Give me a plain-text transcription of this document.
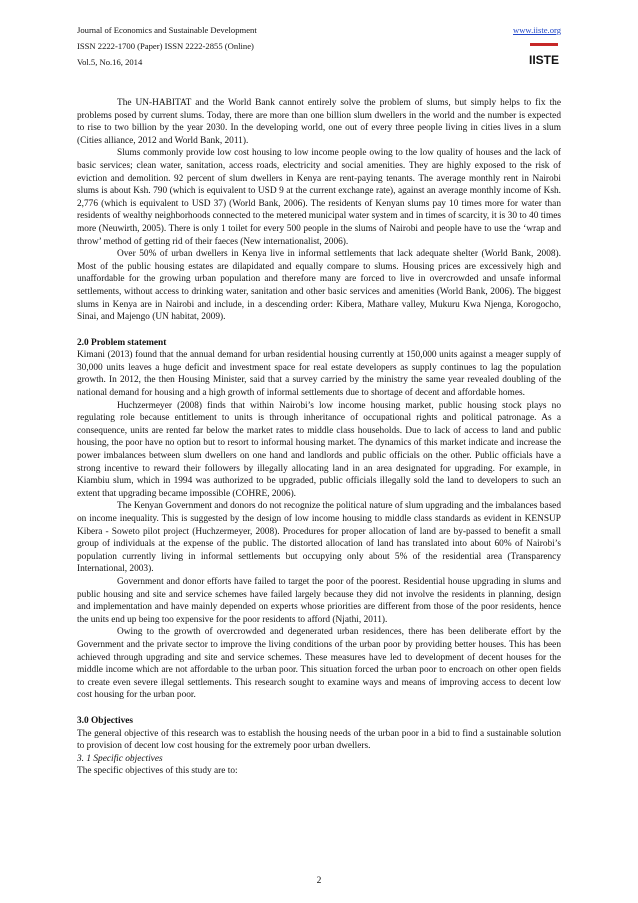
Journal of Economics and Sustainable Development
ISSN 2222-1700 (Paper) ISSN 2222-2855 (Online)
Vol.5, No.16, 2014
www.iiste.org
IISTE

The UN-HABITAT and the World Bank cannot entirely solve the problem of slums, but simply helps to fix the problems posed by current slums. Today, there are more than one billion slum dwellers in the world and the number is expected to rise to two billion by the year 2030. In the developing world, one out of every three people living in cities lives in a slum (Cities alliance, 2012 and World Bank, 2011).

Slums commonly provide low cost housing to low income people owing to the low quality of houses and the lack of basic services; clean water, sanitation, access roads, electricity and social amenities. They are highly exposed to the risk of eviction and demolition. 92 percent of slum dwellers in Kenya are rent-paying tenants. The average monthly rent in Nairobi slums is about Ksh. 790 (which is equivalent to USD 9 at the current exchange rate), against an average monthly income of Ksh. 2,776 (which is equivalent to USD 37) (World Bank, 2006). The residents of Kenyan slums pay 10 times more for water than residents of wealthy neighborhoods connected to the metered municipal water system and in times of scarcity, it is 30 to 40 times more (Neuwirth, 2005). There is only 1 toilet for every 500 people in the slums of Nairobi and people have to use the ‘wrap and throw’ method of getting rid of their faeces (New internationalist, 2006).

Over 50% of urban dwellers in Kenya live in informal settlements that lack adequate shelter (World Bank, 2008). Most of the public housing estates are dilapidated and equally compare to slums. Housing prices are excessively high and unaffordable for the growing urban population and therefore many are forced to live in overcrowded and unsafe informal settlements, without access to drinking water, sanitation and other basic services and amenities (World Bank, 2006). The biggest slums in Kenya are in Nairobi and include, in a descending order: Kibera, Mathare valley, Mukuru Kwa Njenga, Korogocho, Sinai, and Majengo (UN habitat, 2009).

2.0 Problem statement

Kimani (2013) found that the annual demand for urban residential housing currently at 150,000 units against a meager supply of 30,000 units leaves a huge deficit and investment space for real estate developers as supply continues to lag the population growth. In 2012, the then Housing Minister, said that a survey carried by the ministry the same year revealed doubling of the national demand for housing and a high growth of informal settlements due to shortage of decent and affordable homes.

Huchzermeyer (2008) finds that within Nairobi’s low income housing market, public housing stock plays no regulating role because entitlement to units is through inheritance of occupational rights and political patronage. As a consequence, units are rented far below the market rates to middle class households. Due to lack of access to land and public housing, the poor have no option but to resort to informal housing market. The dynamics of this market indicate and increase the power imbalances between slum dwellers on one hand and landlords and public officials on the other. Public officials have a strong incentive to reward their followers by illegally allocating land in an area designated for upgrading. For example, in Kiambiu slum, which in 1994 was authorized to be upgraded, public officials illegally sold the land to developers to such an extent that upgrading became impossible (COHRE, 2006).

The Kenyan Government and donors do not recognize the political nature of slum upgrading and the imbalances based on income inequality. This is suggested by the design of low income housing to middle class standards as evident in KENSUP Kibera - Soweto pilot project (Huchzermeyer, 2008). Procedures for proper allocation of land are by-passed to benefit a small group of individuals at the expense of the public. The distorted allocation of land has translated into about 60% of Nairobi’s population currently living in informal settlements but occupying only about 5% of the residential area (Transparency International, 2003).

Government and donor efforts have failed to target the poor of the poorest. Residential house upgrading in slums and public housing and site and service schemes have failed largely because they did not involve the residents in planning, design and implementation and have mainly depended on experts whose priorities are different from those of the poor residents, hence the units end up being too expensive for the poor residents to afford (Njathi, 2011).

Owing to the growth of overcrowded and degenerated urban residences, there has been deliberate effort by the Government and the private sector to improve the living conditions of the urban poor by providing better houses. This has been achieved through upgrading and site and service schemes. These measures have led to development of decent houses for the middle income which are not affordable to the urban poor. This situation forced the urban poor to encroach on other open fields to create even severe illegal settlements. This research sought to examine ways and means of improving access to decent low cost housing for the urban poor.

3.0 Objectives

The general objective of this research was to establish the housing needs of the urban poor in a bid to find a sustainable solution to provision of decent low cost housing for the extremely poor urban dwellers.

3. 1 Specific objectives

The specific objectives of this study are to:

2
